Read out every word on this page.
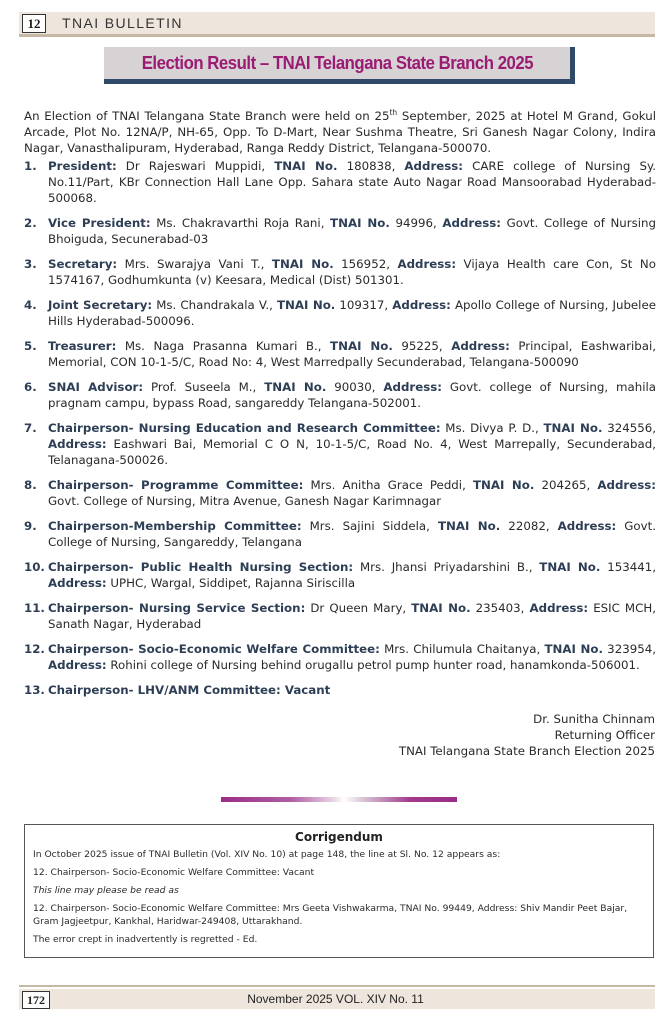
12	TNAI BULLETIN
Election Result – TNAI Telangana State Branch 2025

An Election of TNAI Telangana State Branch were held on 25th September, 2025 at Hotel M Grand, Gokul Arcade, Plot No. 12NA/P, NH-65, Opp. To D-Mart, Near Sushma Theatre, Sri Ganesh Nagar Colony, Indira Nagar, Vanasthalipuram, Hyderabad, Ranga Reddy District, Telangana-500070.

1. President: Dr Rajeswari Muppidi, TNAI No. 180838, Address: CARE college of Nursing Sy. No.11/Part, KBr Connection Hall Lane Opp. Sahara state Auto Nagar Road Mansoorabad Hyderabad-500068.
2. Vice President: Ms. Chakravarthi Roja Rani, TNAI No. 94996, Address: Govt. College of Nursing Bhoiguda, Secunerabad-03
3. Secretary: Mrs. Swarajya Vani T., TNAI No. 156952, Address: Vijaya Health care Con, St No 1574167, Godhumkunta (v) Keesara, Medical (Dist) 501301.
4. Joint Secretary: Ms. Chandrakala V., TNAI No. 109317, Address: Apollo College of Nursing, Jubelee Hills Hyderabad-500096.
5. Treasurer: Ms. Naga Prasanna Kumari B., TNAI No. 95225, Address: Principal, Eashwaribai, Memorial, CON 10-1-5/C, Road No: 4, West Marredpally Secunderabad, Telangana-500090
6. SNAI Advisor: Prof. Suseela M., TNAI No. 90030, Address: Govt. college of Nursing, mahila pragnam campu, bypass Road, sangareddy Telangana-502001.
7. Chairperson- Nursing Education and Research Committee: Ms. Divya P. D., TNAI No. 324556, Address: Eashwari Bai, Memorial C O N, 10-1-5/C, Road No. 4, West Marrepally, Secunderabad, Telanagana-500026.
8. Chairperson- Programme Committee: Mrs. Anitha Grace Peddi, TNAI No. 204265, Address: Govt. College of Nursing, Mitra Avenue, Ganesh Nagar Karimnagar
9. Chairperson-Membership Committee: Mrs. Sajini Siddela, TNAI No. 22082, Address: Govt. College of Nursing, Sangareddy, Telangana
10. Chairperson- Public Health Nursing Section: Mrs. Jhansi Priyadarshini B., TNAI No. 153441, Address: UPHC, Wargal, Siddipet, Rajanna Siriscilla
11. Chairperson- Nursing Service Section: Dr Queen Mary, TNAI No. 235403, Address: ESIC MCH, Sanath Nagar, Hyderabad
12. Chairperson- Socio-Economic Welfare Committee: Mrs. Chilumula Chaitanya, TNAI No. 323954, Address: Rohini college of Nursing behind orugallu petrol pump hunter road, hanamkonda-506001.
13. Chairperson- LHV/ANM Committee: Vacant
Dr. Sunitha Chinnam
Returning Officer
TNAI Telangana State Branch Election 2025
Corrigendum

In October 2025 issue of TNAI Bulletin (Vol. XIV No. 10) at page 148, the line at Sl. No. 12 appears as:

12. Chairperson- Socio-Economic Welfare Committee: Vacant

This line may please be read as

12. Chairperson- Socio-Economic Welfare Committee: Mrs Geeta Vishwakarma, TNAI No. 99449, Address: Shiv Mandir Peet Bajar, Gram Jagjeetpur, Kankhal, Haridwar-249408, Uttarakhand.

The error crept in inadvertently is regretted - Ed.

172	November 2025 VOL. XIV No. 11
